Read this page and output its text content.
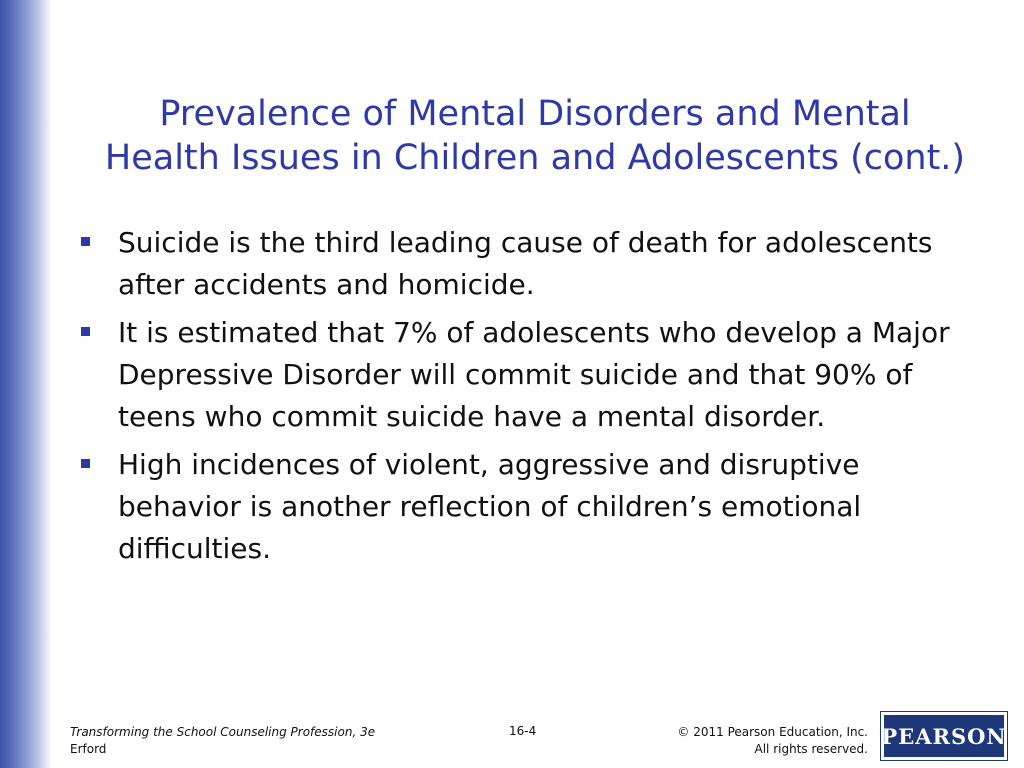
Prevalence of Mental Disorders and Mental
Health Issues in Children and Adolescents (cont.)
Suicide is the third leading cause of death for adolescents after accidents and homicide.
It is estimated that 7% of adolescents who develop a Major Depressive Disorder will commit suicide and that 90% of teens who commit suicide have a mental disorder.
High incidences of violent, aggressive and disruptive behavior is another reflection of children’s emotional difficulties.
Transforming the School Counseling Profession, 3e
Erford
16-4	© 2011 Pearson Education, Inc.
All rights reserved.
PEARSON
